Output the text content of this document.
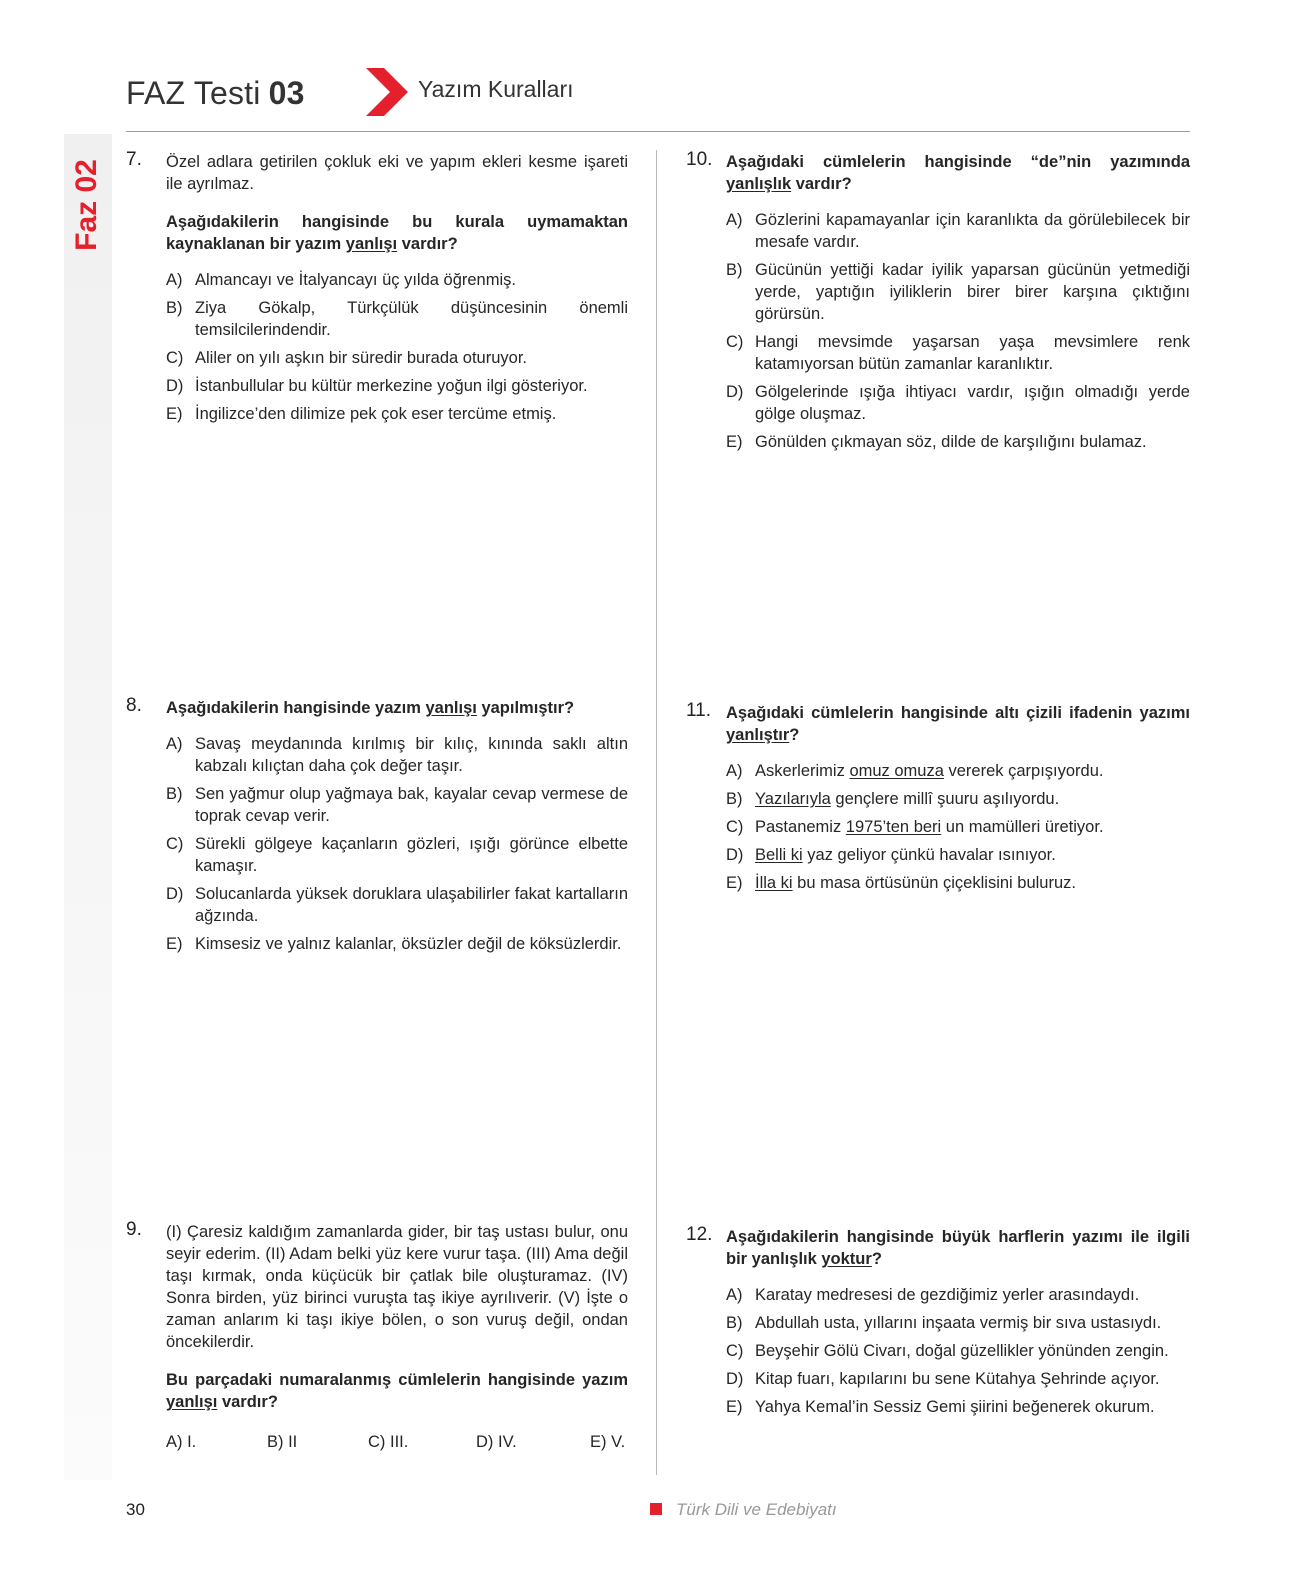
FAZ Testi 03	Yazım Kuralları
Faz 02 7. Özel adlara getirilen çokluk eki ve yapım ekleri kesme işareti ile ayrılmaz.
Aşağıdakilerin hangisinde bu kurala uymamaktan kaynaklanan bir yazım yanlışı vardır?
A) Almancayı ve İtalyancayı üç yılda öğrenmiş.
B) Ziya Gökalp, Türkçülük düşüncesinin önemli temsilcilerindendir.
C) Aliler on yılı aşkın bir süredir burada oturuyor.
D) İstanbullular bu kültür merkezine yoğun ilgi gösteriyor.
E) İngilizce’den dilimize pek çok eser tercüme etmiş.
8. Aşağıdakilerin hangisinde yazım yanlışı yapılmıştır?
A) Savaş meydanında kırılmış bir kılıç, kınında saklı altın kabzalı kılıçtan daha çok değer taşır.
B) Sen yağmur olup yağmaya bak, kayalar cevap vermese de toprak cevap verir.
C) Sürekli gölgeye kaçanların gözleri, ışığı görünce elbette kamaşır.
D) Solucanlarda yüksek doruklara ulaşabilirler fakat kartalların ağzında.
E) Kimsesiz ve yalnız kalanlar, öksüzler değil de köksüzlerdir.
9. (I) Çaresiz kaldığım zamanlarda gider, bir taş ustası bulur, onu seyir ederim. (II) Adam belki yüz kere vurur taşa. (III) Ama değil taşı kırmak, onda küçücük bir çatlak bile oluşturamaz. (IV) Sonra birden, yüz birinci vuruşta taş ikiye ayrılıverir. (V) İşte o zaman anlarım ki taşı ikiye bölen, o son vuruş değil, ondan öncekilerdir.
Bu parçadaki numaralanmış cümlelerin hangisinde yazım yanlışı vardır?
A) I.	B) II	C) III.	D) IV.	E) V.
10. Aşağıdaki cümlelerin hangisinde “de”nin yazımında yanlışlık vardır?
A) Gözlerini kapamayanlar için karanlıkta da görülebilecek bir mesafe vardır.
B) Gücünün yettiği kadar iyilik yaparsan gücünün yetmediği yerde, yaptığın iyiliklerin birer birer karşına çıktığını görürsün.
C) Hangi mevsimde yaşarsan yaşa mevsimlere renk katamıyorsan bütün zamanlar karanlıktır.
D) Gölgelerinde ışığa ihtiyacı vardır, ışığın olmadığı yerde gölge oluşmaz.
E) Gönülden çıkmayan söz, dilde de karşılığını bulamaz.
11. Aşağıdaki cümlelerin hangisinde altı çizili ifadenin yazımı yanlıştır?
A) Askerlerimiz omuz omuza vererek çarpışıyordu.
B) Yazılarıyla gençlere millî şuuru aşılıyordu.
C) Pastanemiz 1975’ten beri un mamülleri üretiyor.
D) Belli ki yaz geliyor çünkü havalar ısınıyor.
E) İlla ki bu masa örtüsünün çiçeklisini buluruz.
12. Aşağıdakilerin hangisinde büyük harflerin yazımı ile ilgili bir yanlışlık yoktur?
A) Karatay medresesi de gezdiğimiz yerler arasındaydı.
B) Abdullah usta, yıllarını inşaata vermiş bir sıva ustasıydı.
C) Beyşehir Gölü Civarı, doğal güzellikler yönünden zengin.
D) Kitap fuarı, kapılarını bu sene Kütahya Şehrinde açıyor.
E) Yahya Kemal’in Sessiz Gemi şiirini beğenerek okurum.
30	Türk Dili ve Edebiyatı
